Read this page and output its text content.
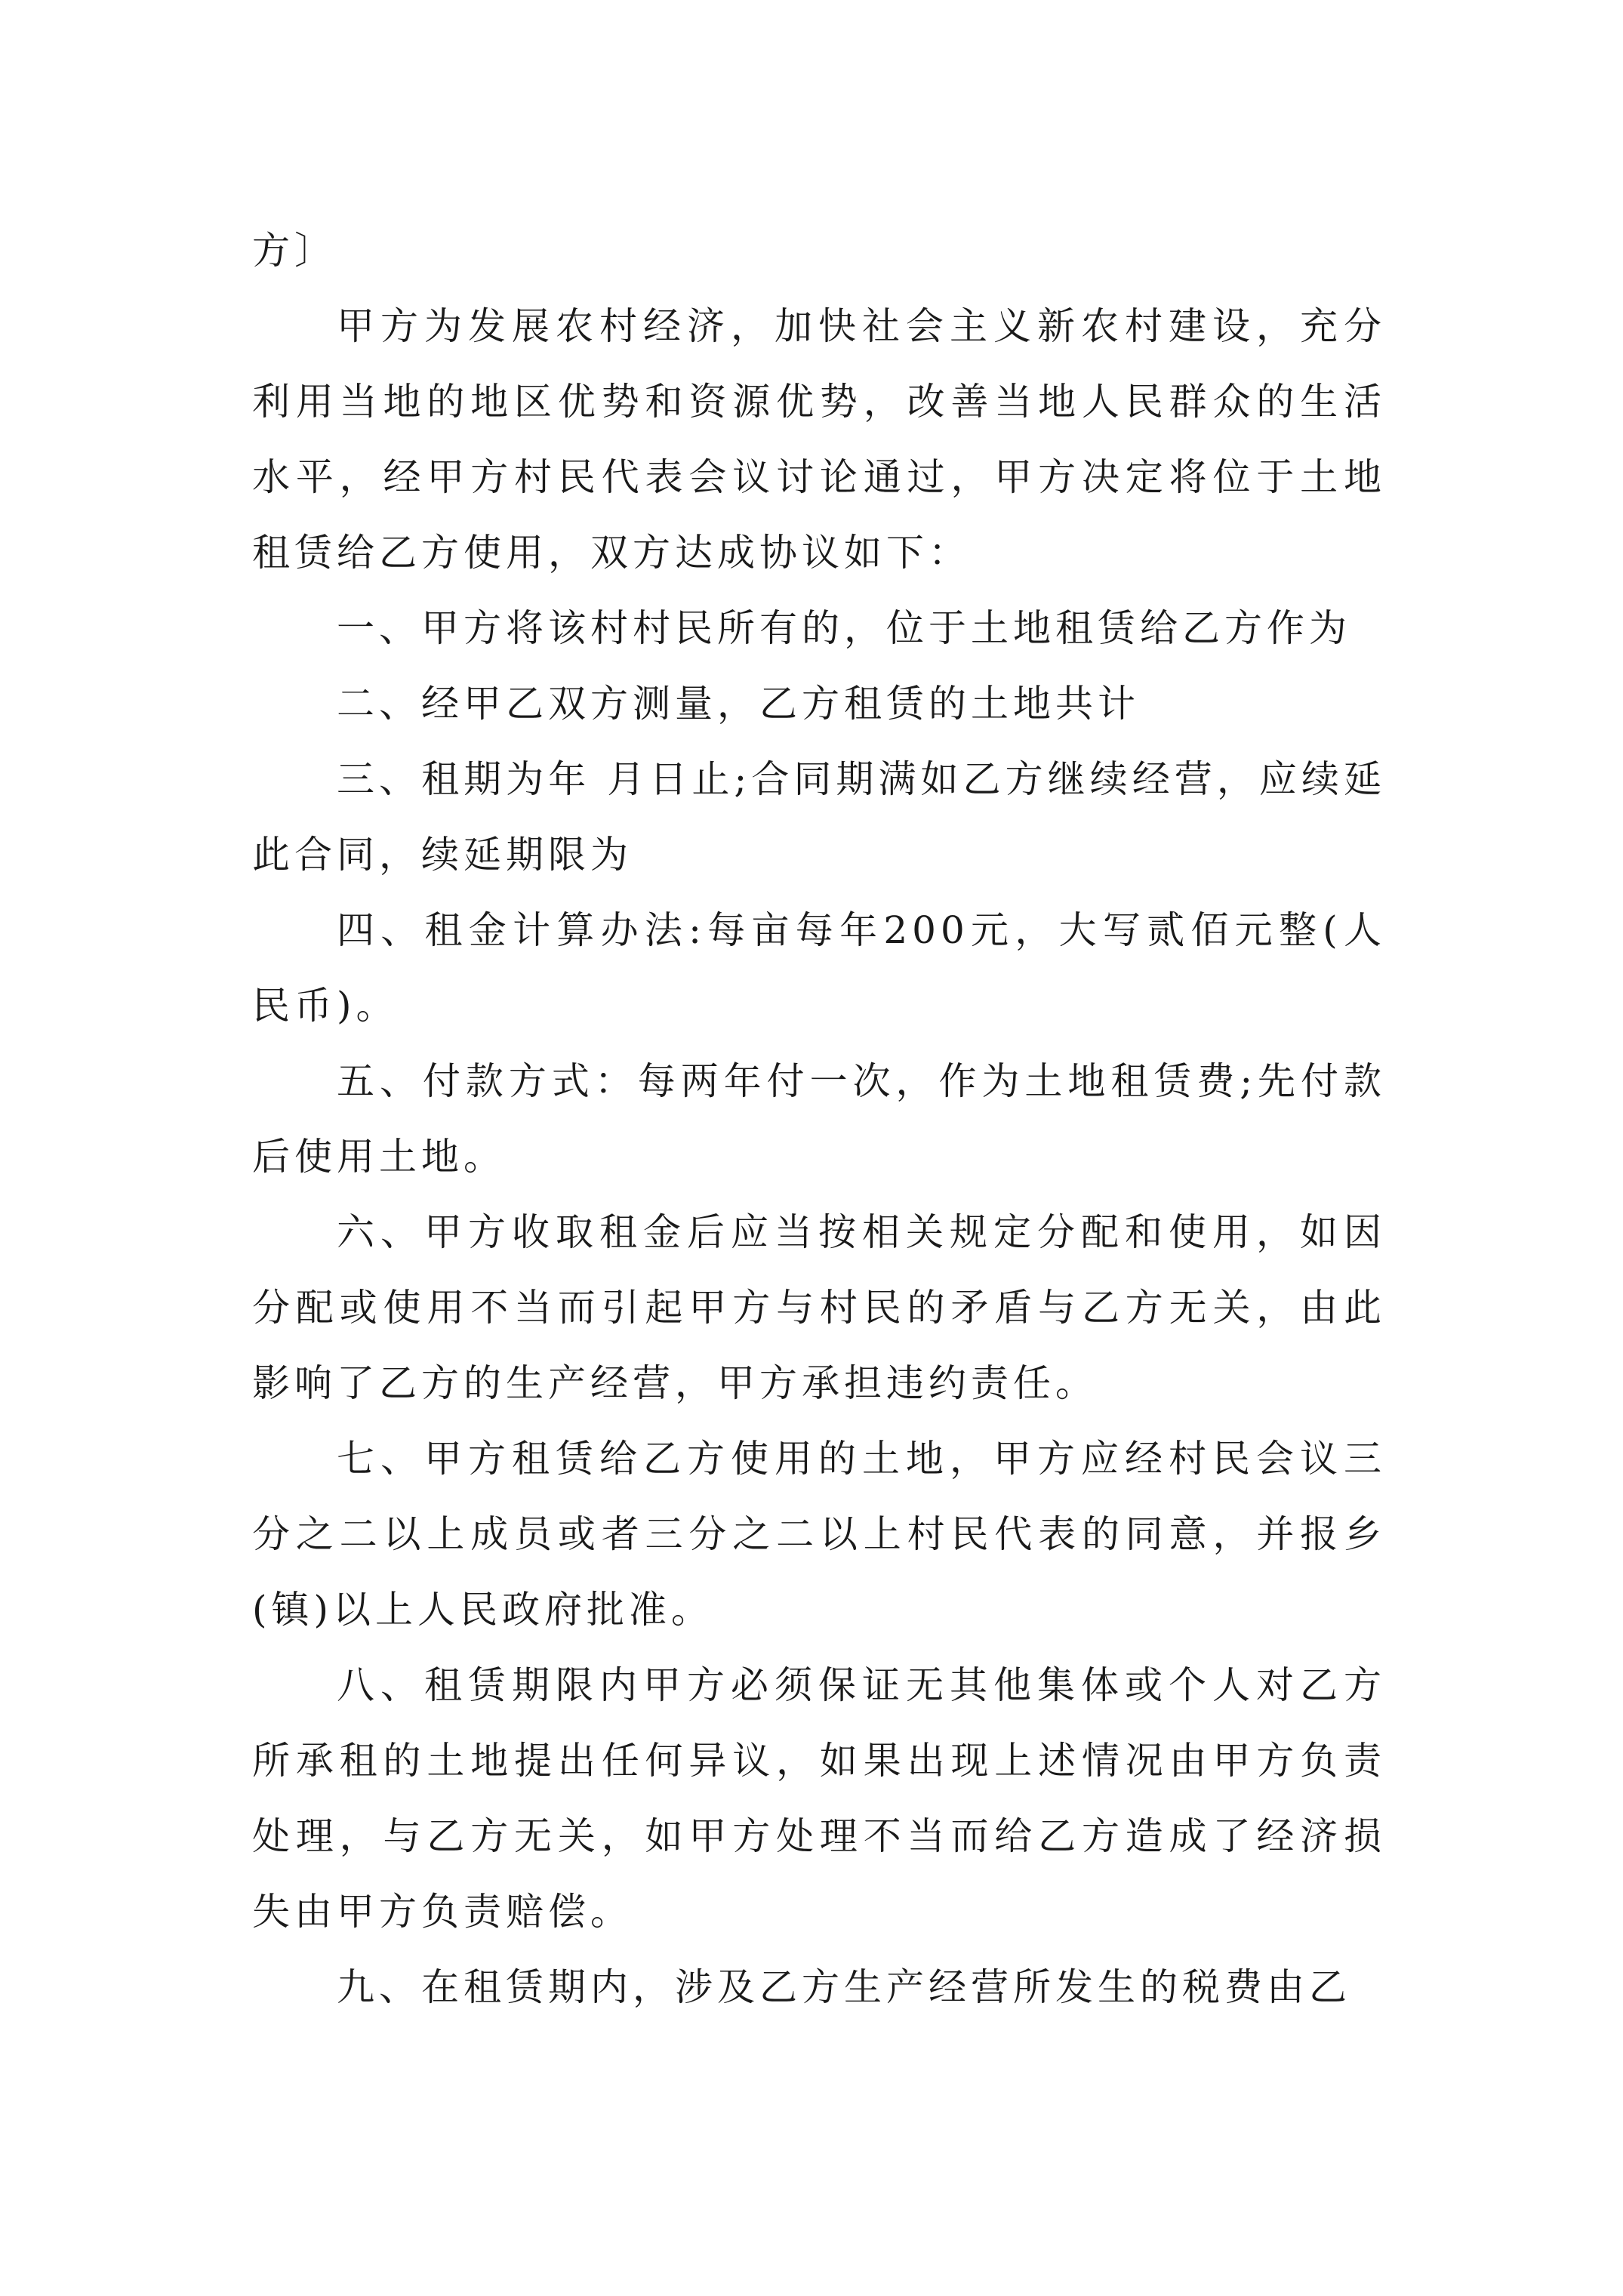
方〕

甲方为发展农村经济，加快社会主义新农村建设，充分利用当地的地区优势和资源优势，改善当地人民群众的生活水平，经甲方村民代表会议讨论通过，甲方决定将位于土地租赁给乙方使用，双方达成协议如下：

一、甲方将该村村民所有的，位于土地租赁给乙方作为

二、经甲乙双方测量，乙方租赁的土地共计

三、租期为年 月日止;合同期满如乙方继续经营，应续延此合同，续延期限为

四、租金计算办法:每亩每年200元，大写贰佰元整(人民币)。

五、付款方式：每两年付一次，作为土地租赁费;先付款后使用土地。

六、甲方收取租金后应当按相关规定分配和使用，如因分配或使用不当而引起甲方与村民的矛盾与乙方无关，由此影响了乙方的生产经营，甲方承担违约责任。

七、甲方租赁给乙方使用的土地，甲方应经村民会议三分之二以上成员或者三分之二以上村民代表的同意，并报乡(镇)以上人民政府批准。

八、租赁期限内甲方必须保证无其他集体或个人对乙方所承租的土地提出任何异议，如果出现上述情况由甲方负责处理，与乙方无关，如甲方处理不当而给乙方造成了经济损失由甲方负责赔偿。

九、在租赁期内，涉及乙方生产经营所发生的税费由乙
